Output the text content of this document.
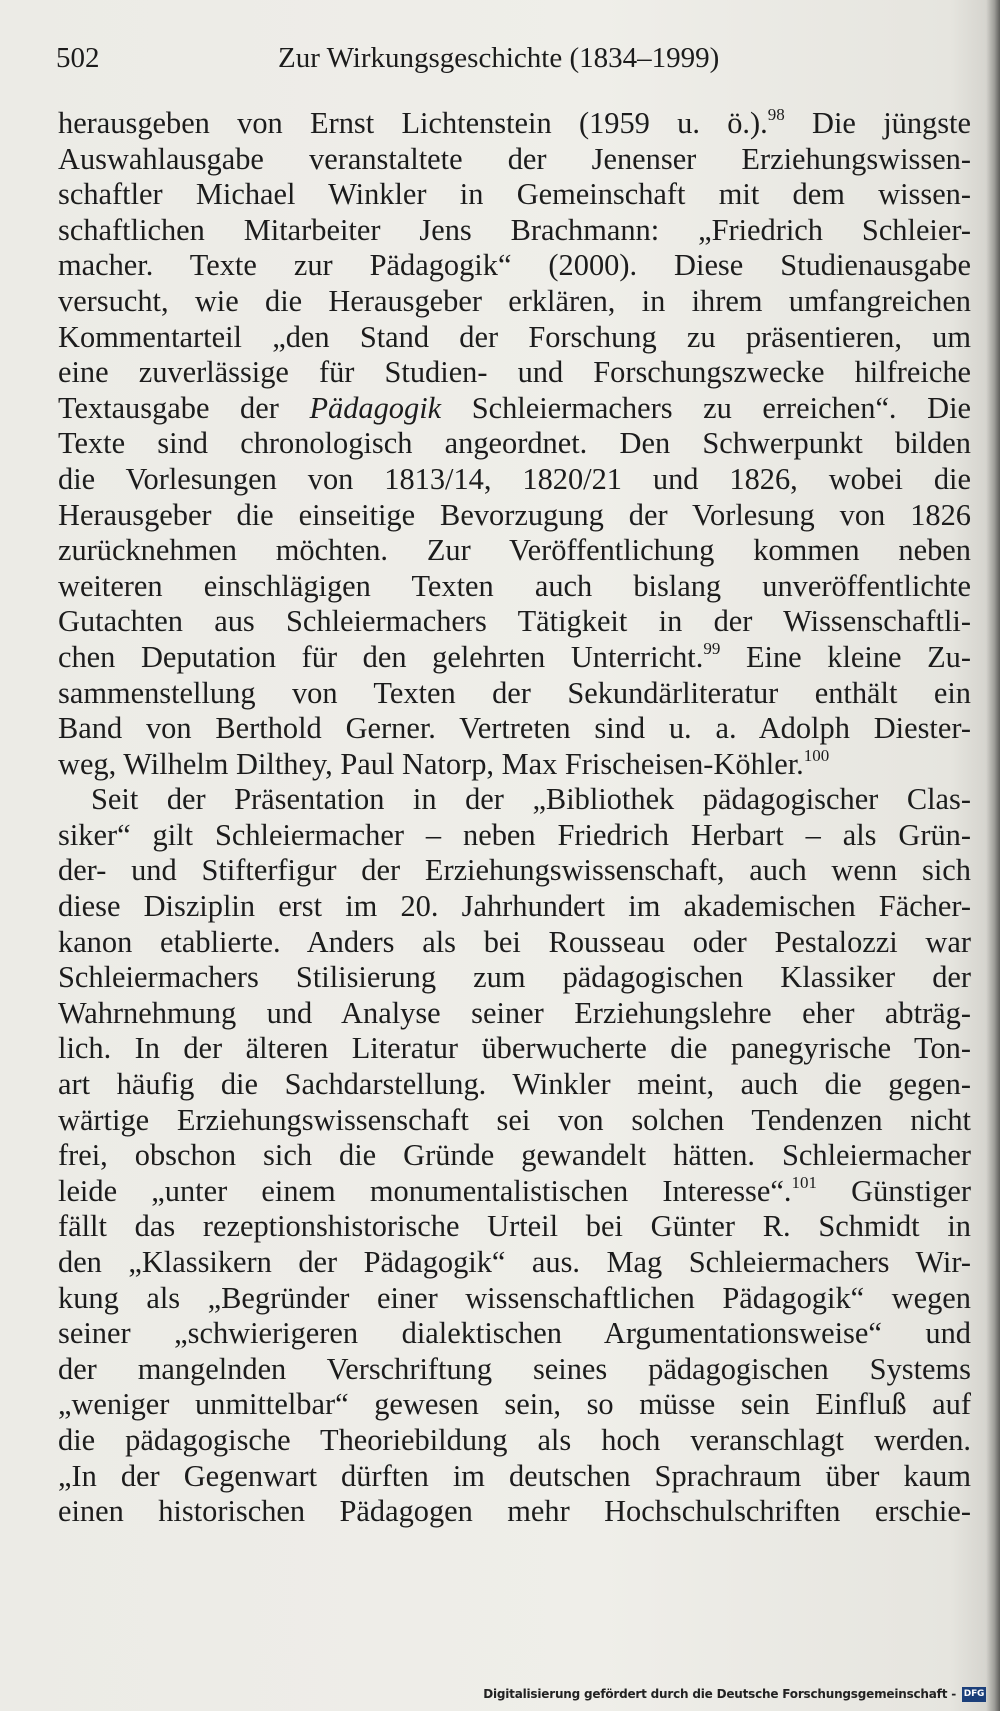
502	Zur Wirkungsgeschichte (1834–1999)
herausgeben von Ernst Lichtenstein (1959 u. ö.).$^{98}$ Die jüngste
Auswahlausgabe veranstaltete der Jenenser Erziehungswissen-
schaftler Michael Winkler in Gemeinschaft mit dem wissen-
schaftlichen Mitarbeiter Jens Brachmann: „Friedrich Schleier-
macher. Texte zur Pädagogik“ (2000). Diese Studienausgabe
versucht, wie die Herausgeber erklären, in ihrem umfangreichen
Kommentarteil „den Stand der Forschung zu präsentieren, um
eine zuverlässige für Studien- und Forschungszwecke hilfreiche
Textausgabe der Pädagogik Schleiermachers zu erreichen“. Die
Texte sind chronologisch angeordnet. Den Schwerpunkt bilden
die Vorlesungen von 1813/14, 1820/21 und 1826, wobei die
Herausgeber die einseitige Bevorzugung der Vorlesung von 1826
zurücknehmen möchten. Zur Veröffentlichung kommen neben
weiteren einschlägigen Texten auch bislang unveröffentlichte
Gutachten aus Schleiermachers Tätigkeit in der Wissenschaftli-
chen Deputation für den gelehrten Unterricht.$^{99}$ Eine kleine Zu-
sammenstellung von Texten der Sekundärliteratur enthält ein
Band von Berthold Gerner. Vertreten sind u. a. Adolph Diester-
weg, Wilhelm Dilthey, Paul Natorp, Max Frischeisen-Köhler.$^{100}$
Seit der Präsentation in der „Bibliothek pädagogischer Clas-
siker“ gilt Schleiermacher – neben Friedrich Herbart – als Grün-
der- und Stifterfigur der Erziehungswissenschaft, auch wenn sich
diese Disziplin erst im 20. Jahrhundert im akademischen Fächer-
kanon etablierte. Anders als bei Rousseau oder Pestalozzi war
Schleiermachers Stilisierung zum pädagogischen Klassiker der
Wahrnehmung und Analyse seiner Erziehungslehre eher abträg-
lich. In der älteren Literatur überwucherte die panegyrische Ton-
art häufig die Sachdarstellung. Winkler meint, auch die gegen-
wärtige Erziehungswissenschaft sei von solchen Tendenzen nicht
frei, obschon sich die Gründe gewandelt hätten. Schleiermacher
leide „unter einem monumentalistischen Interesse“.$^{101}$ Günstiger
fällt das rezeptionshistorische Urteil bei Günter R. Schmidt in
den „Klassikern der Pädagogik“ aus. Mag Schleiermachers Wir-
kung als „Begründer einer wissenschaftlichen Pädagogik“ wegen
seiner „schwierigeren dialektischen Argumentationsweise“ und
der mangelnden Verschriftung seines pädagogischen Systems
„weniger unmittelbar“ gewesen sein, so müsse sein Einfluß auf
die pädagogische Theoriebildung als hoch veranschlagt werden.
„In der Gegenwart dürften im deutschen Sprachraum über kaum
einen historischen Pädagogen mehr Hochschulschriften erschie-
Digitalisierung gefördert durch die Deutsche Forschungsgemeinschaft - DFG
